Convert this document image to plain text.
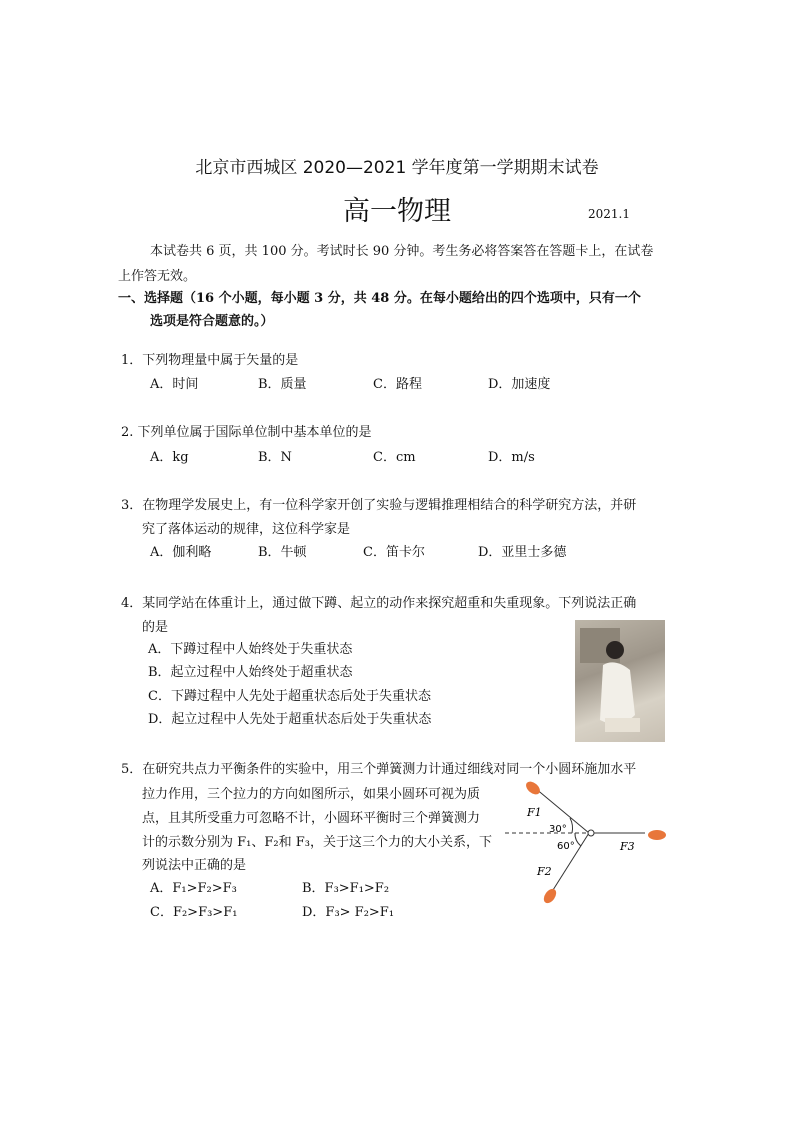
北京市西城区 2020—2021 学年度第一学期期末试卷
高一物理	2021.1
本试卷共 6 页，共 100 分。考试时长 90 分钟。考生务必将答案答在答题卡上，在试卷
上作答无效。
一、选择题（16 个小题，每小题 3 分，共 48 分。在每小题给出的四个选项中，只有一个
选项是符合题意的。）
1．下列物理量中属于矢量的是
A．时间	B．质量	C．路程	D．加速度
2. 下列单位属于国际单位制中基本单位的是
A．kg	B．N	C．cm	D．m/s
3．在物理学发展史上，有一位科学家开创了实验与逻辑推理相结合的科学研究方法，并研
究了落体运动的规律，这位科学家是
A．伽利略	B．牛顿	C．笛卡尔	D．亚里士多德
4．某同学站在体重计上，通过做下蹲、起立的动作来探究超重和失重现象。下列说法正确
的是
A．下蹲过程中人始终处于失重状态
B．起立过程中人始终处于超重状态
C．下蹲过程中人先处于超重状态后处于失重状态
D．起立过程中人先处于超重状态后处于失重状态
5．在研究共点力平衡条件的实验中，用三个弹簧测力计通过细线对同一个小圆环施加水平
拉力作用，三个拉力的方向如图所示，如果小圆环可视为质
点，且其所受重力可忽略不计，小圆环平衡时三个弹簧测力
计的示数分别为 F₁、F₂和 F₃，关于这三个力的大小关系，下
列说法中正确的是
A．F₁>F₂>F₃	B．F₃>F₁>F₂
C．F₂>F₃>F₁	D．F₃> F₂>F₁
F1
F2
F3
30°
60°
